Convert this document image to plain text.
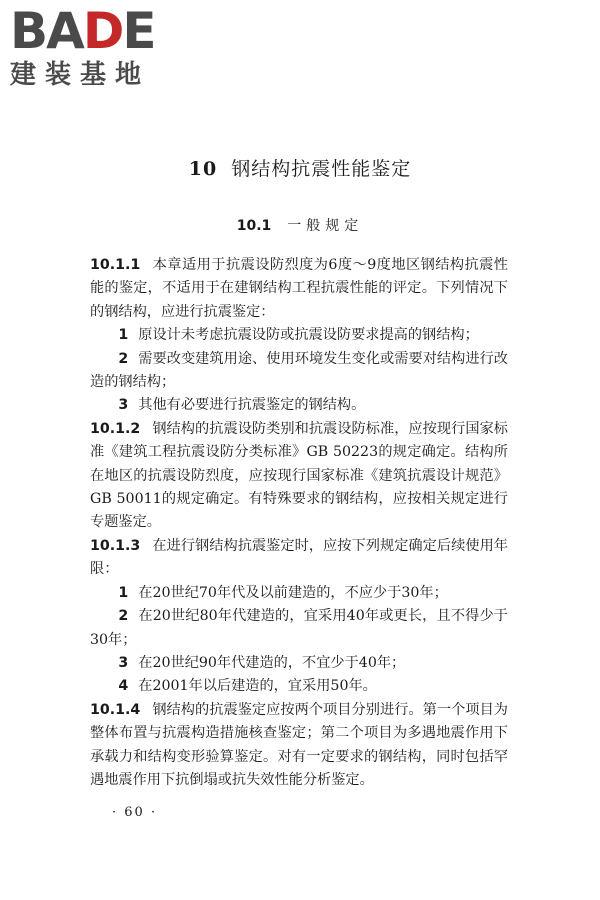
BADE
建装基地
10 钢结构抗震性能鉴定
10.1 一般规定

10.1.1 本章适用于抗震设防烈度为6度～9度地区钢结构抗震性能的鉴定，不适用于在建钢结构工程抗震性能的评定。下列情况下的钢结构，应进行抗震鉴定：

1 原设计未考虑抗震设防或抗震设防要求提高的钢结构；

2 需要改变建筑用途、使用环境发生变化或需要对结构进行改造的钢结构；

3 其他有必要进行抗震鉴定的钢结构。

10.1.2 钢结构的抗震设防类别和抗震设防标准，应按现行国家标准《建筑工程抗震设防分类标准》GB 50223的规定确定。结构所在地区的抗震设防烈度，应按现行国家标准《建筑抗震设计规范》GB 50011的规定确定。有特殊要求的钢结构，应按相关规定进行专题鉴定。

10.1.3 在进行钢结构抗震鉴定时，应按下列规定确定后续使用年限：

1 在20世纪70年代及以前建造的，不应少于30年；

2 在20世纪80年代建造的，宜采用40年或更长，且不得少于30年；

3 在20世纪90年代建造的，不宜少于40年；

4 在2001年以后建造的，宜采用50年。

10.1.4 钢结构的抗震鉴定应按两个项目分别进行。第一个项目为整体布置与抗震构造措施核查鉴定；第二个项目为多遇地震作用下承载力和结构变形验算鉴定。对有一定要求的钢结构，同时包括罕遇地震作用下抗倒塌或抗失效性能分析鉴定。

· 60 ·
